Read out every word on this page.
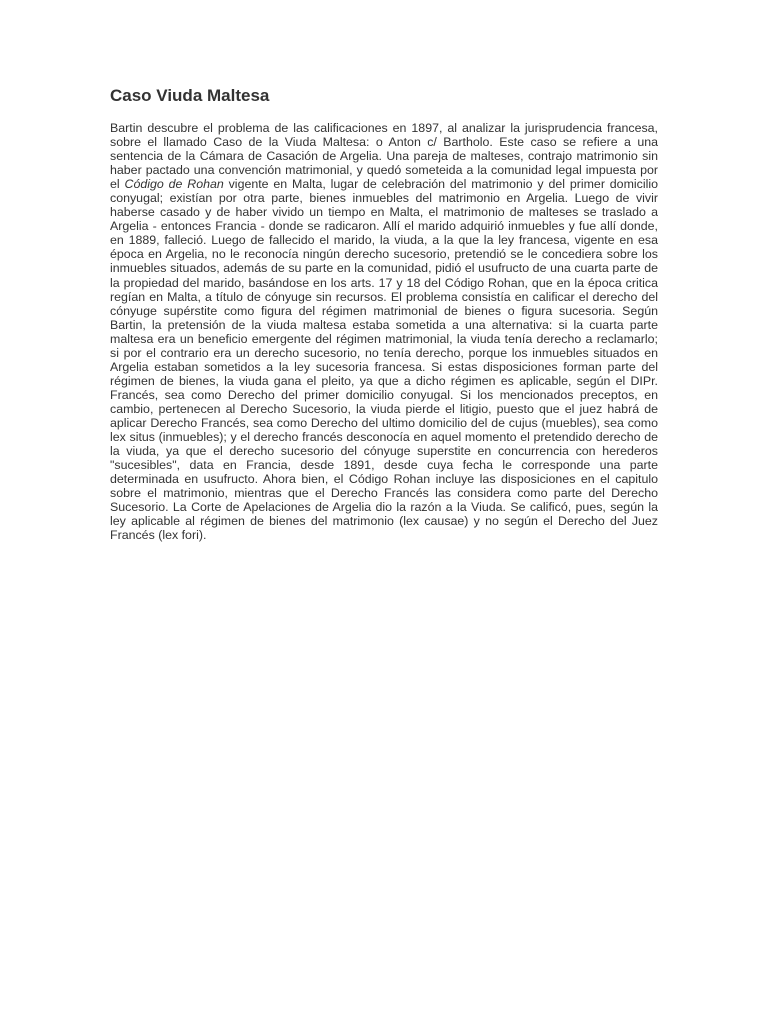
Caso Viuda Maltesa

Bartin descubre el problema de las calificaciones en 1897, al analizar la jurisprudencia francesa, sobre el llamado Caso de la Viuda Maltesa: o Anton c/ Bartholo. Este caso se refiere a una sentencia de la Cámara de Casación de Argelia. Una pareja de malteses, contrajo matrimonio sin haber pactado una convención matrimonial, y quedó someteida a la comunidad legal impuesta por el Código de Rohan vigente en Malta, lugar de celebración del matrimonio y del primer domicilio conyugal; existían por otra parte, bienes inmuebles del matrimonio en Argelia. Luego de vivir haberse casado y de haber vivido un tiempo en Malta, el matrimonio de malteses se traslado a Argelia - entonces Francia - donde se radicaron. Allí el marido adquirió inmuebles y fue allí donde, en 1889, falleció. Luego de fallecido el marido, la viuda, a la que la ley francesa, vigente en esa época en Argelia, no le reconocía ningún derecho sucesorio, pretendió se le concediera sobre los inmuebles situados, además de su parte en la comunidad, pidió el usufructo de una cuarta parte de la propiedad del marido, basándose en los arts. 17 y 18 del Código Rohan, que en la época critica regían en Malta, a título de cónyuge sin recursos. El problema consistía en calificar el derecho del cónyuge supérstite como figura del régimen matrimonial de bienes o figura sucesoria. Según Bartin, la pretensión de la viuda maltesa estaba sometida a una alternativa: si la cuarta parte maltesa era un beneficio emergente del régimen matrimonial, la viuda tenía derecho a reclamarlo; si por el contrario era un derecho sucesorio, no tenía derecho, porque los inmuebles situados en Argelia estaban sometidos a la ley sucesoria francesa. Si estas disposiciones forman parte del régimen de bienes, la viuda gana el pleito, ya que a dicho régimen es aplicable, según el DIPr. Francés, sea como Derecho del primer domicilio conyugal. Si los mencionados preceptos, en cambio, pertenecen al Derecho Sucesorio, la viuda pierde el litigio, puesto que el juez habrá de aplicar Derecho Francés, sea como Derecho del ultimo domicilio del de cujus (muebles), sea como lex situs (inmuebles); y el derecho francés desconocía en aquel momento el pretendido derecho de la viuda, ya que el derecho sucesorio del cónyuge superstite en concurrencia con herederos "sucesibles", data en Francia, desde 1891, desde cuya fecha le corresponde una parte determinada en usufructo. Ahora bien, el Código Rohan incluye las disposiciones en el capitulo sobre el matrimonio, mientras que el Derecho Francés las considera como parte del Derecho Sucesorio. La Corte de Apelaciones de Argelia dio la razón a la Viuda. Se calificó, pues, según la ley aplicable al régimen de bienes del matrimonio (lex causae) y no según el Derecho del Juez Francés (lex fori).
